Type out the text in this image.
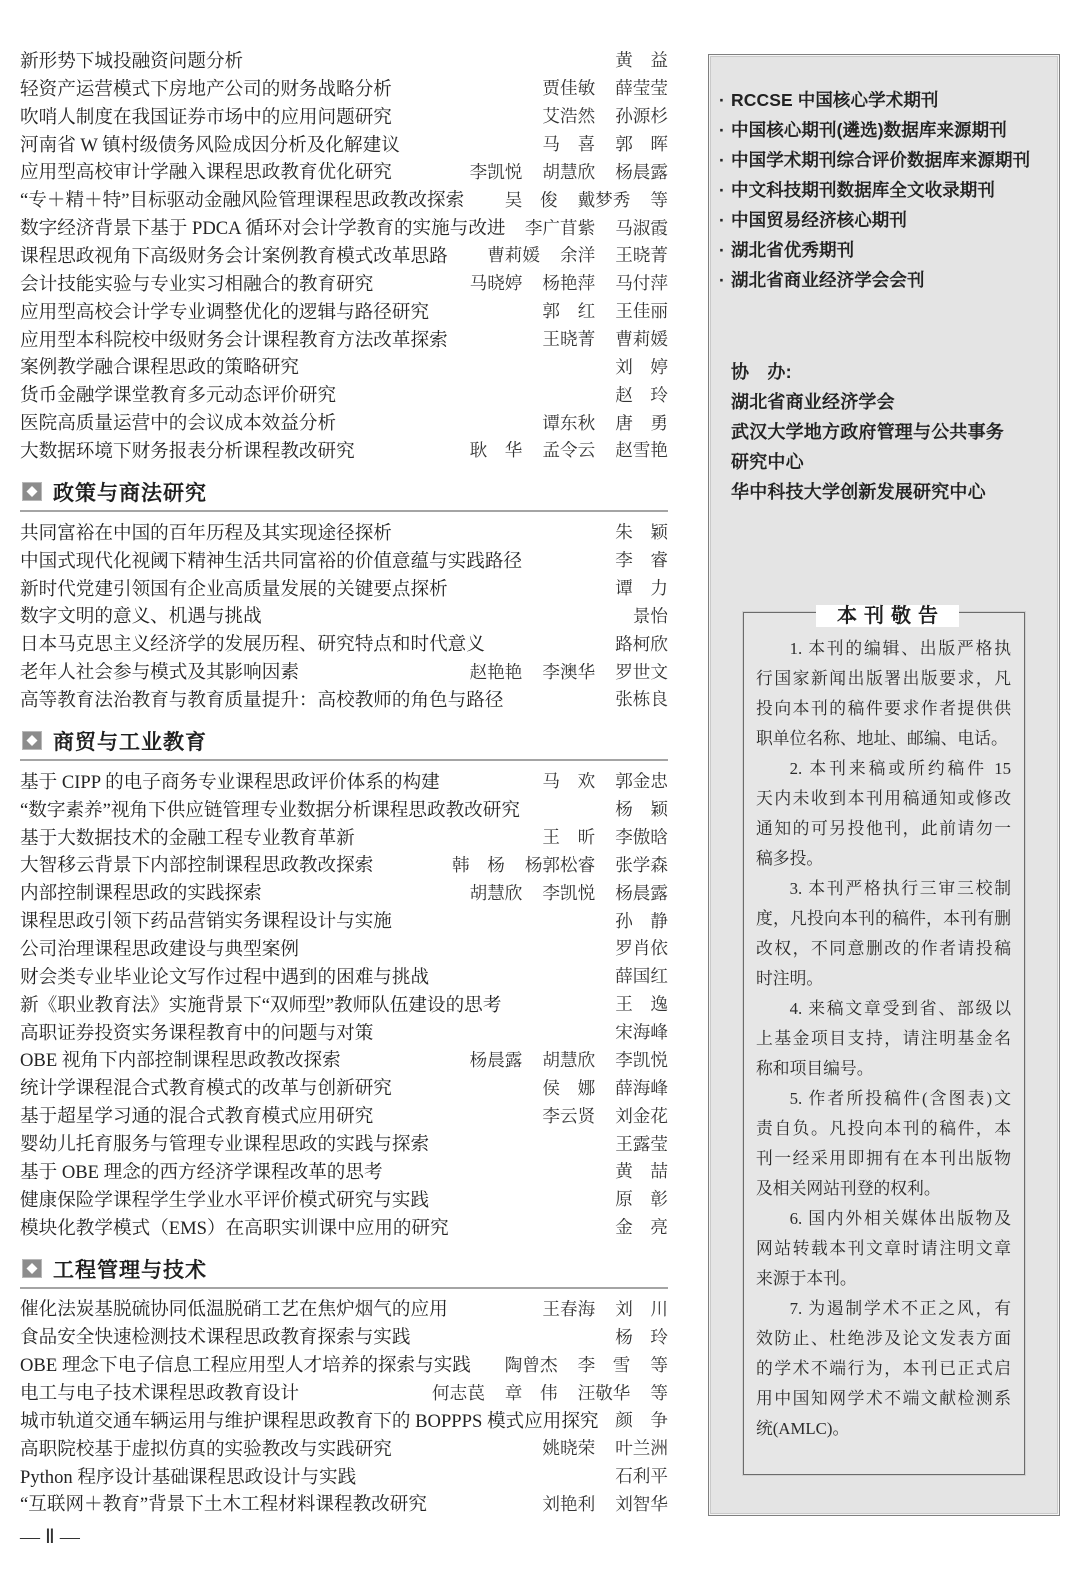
新形势下城投融资问题分析	黄　益
轻资产运营模式下房地产公司的财务战略分析	贾佳敏 薛莹莹
吹哨人制度在我国证券市场中的应用问题研究	艾浩然 孙源杉
河南省 W 镇村级债务风险成因分析及化解建议	马　喜 郭　晖
应用型高校审计学融入课程思政教育优化研究	李凯悦 胡慧欣 杨晨露
“专＋精＋特”目标驱动金融风险管理课程思政教改探索 吴　俊 戴梦秀 等
数字经济背景下基于 PDCA 循环对会计学教育的实施与改进 李广苜紫 马淑霞
课程思政视角下高级财务会计案例教育模式改革思路 曹莉媛 余洋 王晓菁
会计技能实验与专业实习相融合的教育研究	马晓婷 杨艳萍 马付萍
应用型高校会计学专业调整优化的逻辑与路径研究	郭　红 王佳丽
应用型本科院校中级财务会计课程教育方法改革探索	王晓菁 曹莉媛
案例教学融合课程思政的策略研究	刘　婷
货币金融学课堂教育多元动态评价研究	赵　玲
医院高质量运营中的会议成本效益分析	谭东秋 唐　勇
大数据环境下财务报表分析课程教改研究	耿　华 孟令云 赵雪艳
政策与商法研究
共同富裕在中国的百年历程及其实现途径探析	朱　颖
中国式现代化视阈下精神生活共同富裕的价值意蕴与实践路径	李　睿
新时代党建引领国有企业高质量发展的关键要点探析	谭　力
数字文明的意义、机遇与挑战	景怡
日本马克思主义经济学的发展历程、研究特点和时代意义	路柯欣
老年人社会参与模式及其影响因素	赵艳艳 李澳华 罗世文
高等教育法治教育与教育质量提升：高校教师的角色与路径	张栋良
商贸与工业教育
基于 CIPP 的电子商务专业课程思政评价体系的构建	马　欢 郭金忠
“数字素养”视角下供应链管理专业数据分析课程思政教改研究	杨　颖
基于大数据技术的金融工程专业教育革新	王　昕 李傲晗
大智移云背景下内部控制课程思政教改探索	韩　杨 杨郭松睿 张学森
内部控制课程思政的实践探索	胡慧欣 李凯悦 杨晨露
课程思政引领下药品营销实务课程设计与实施	孙　静
公司治理课程思政建设与典型案例	罗肖依
财会类专业毕业论文写作过程中遇到的困难与挑战	薛国红
新《职业教育法》实施背景下“双师型”教师队伍建设的思考	王　逸
高职证券投资实务课程教育中的问题与对策	宋海峰
OBE 视角下内部控制课程思政教改探索	杨晨露 胡慧欣 李凯悦
统计学课程混合式教育模式的改革与创新研究	侯　娜 薛海峰
基于超星学习通的混合式教育模式应用研究	李云贤 刘金花
婴幼儿托育服务与管理专业课程思政的实践与探索	王露莹
基于 OBE 理念的西方经济学课程改革的思考	黄　喆
健康保险学课程学生学业水平评价模式研究与实践	原　彰
模块化教学模式（EMS）在高职实训课中应用的研究	金　亮
工程管理与技术
催化法炭基脱硫协同低温脱硝工艺在焦炉烟气的应用	王春海 刘　川
食品安全快速检测技术课程思政教育探索与实践	杨　玲
OBE 理念下电子信息工程应用型人才培养的探索与实践 陶曾杰 李　雪 等
电工与电子技术课程思政教育设计	何志苠 章　伟 汪敬华 等
城市轨道交通车辆运用与维护课程思政教育下的 BOPPPS 模式应用探究 颜　争
高职院校基于虚拟仿真的实验教改与实践研究	姚晓荣 叶兰洲
Python 程序设计基础课程思政设计与实践	石利平
“互联网＋教育”背景下土木工程材料课程教改研究	刘艳利 刘智华
— Ⅱ —
· RCCSE 中国核心学术期刊
· 中国核心期刊(遴选)数据库来源期刊
· 中国学术期刊综合评价数据库来源期刊
· 中文科技期刊数据库全文收录期刊
· 中国贸易经济核心期刊
· 湖北省优秀期刊
· 湖北省商业经济学会会刊
协　办:
湖北省商业经济学会
武汉大学地方政府管理与公共事务研究中心
华中科技大学创新发展研究中心
本刊敬告
1. 本刊的编辑、出版严格执
行国家新闻出版署出版要求，凡
投向本刊的稿件要求作者提供供
职单位名称、地址、邮编、电话。
2. 本刊来稿或所约稿件 15
天内未收到本刊用稿通知或修改
通知的可另投他刊，此前请勿一
稿多投。
3. 本刊严格执行三审三校制
度，凡投向本刊的稿件，本刊有删
改权，不同意删改的作者请投稿
时注明。
4. 来稿文章受到省、部级以
上基金项目支持，请注明基金名
称和项目编号。
5. 作者所投稿件(含图表)文
责自负。凡投向本刊的稿件，本
刊一经采用即拥有在本刊出版物
及相关网站刊登的权利。
6. 国内外相关媒体出版物及
网站转载本刊文章时请注明文章
来源于本刊。
7. 为遏制学术不正之风，有
效防止、杜绝涉及论文发表方面
的学术不端行为，本刊已正式启
用中国知网学术不端文献检测系
统(AMLC)。
